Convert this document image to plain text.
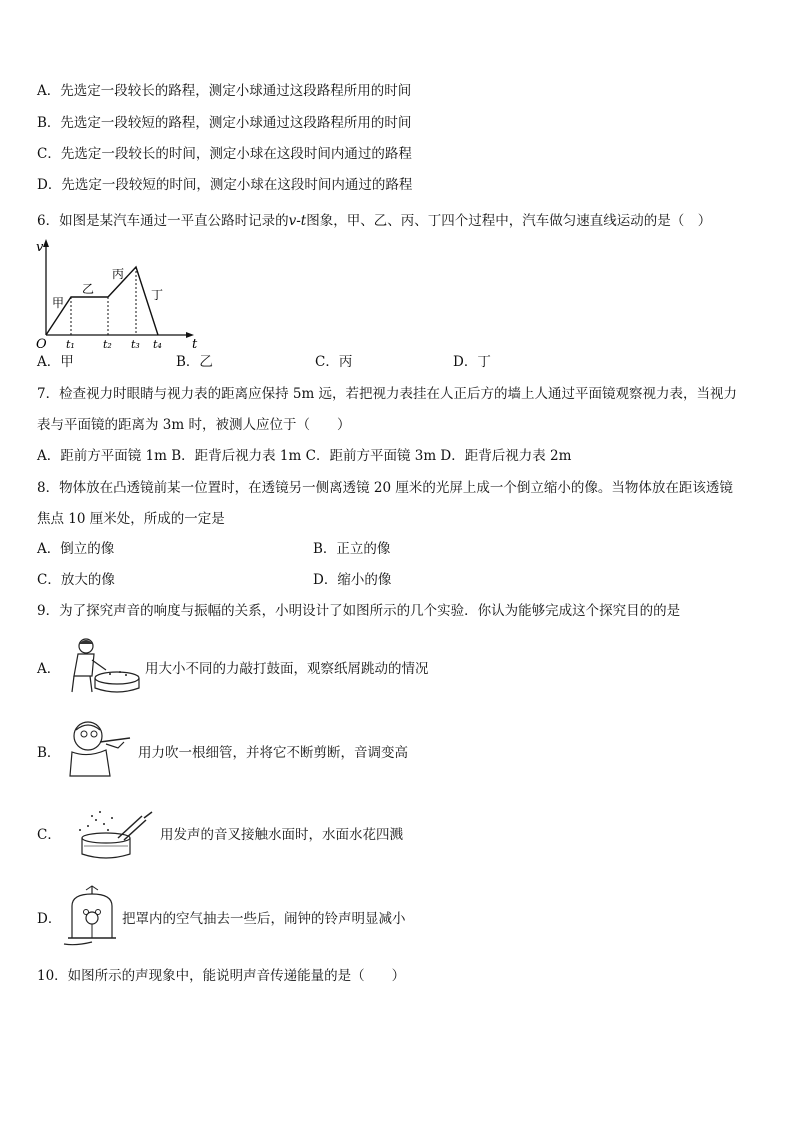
A．先选定一段较长的路程，测定小球通过这段路程所用的时间
B．先选定一段较短的路程，测定小球通过这段路程所用的时间
C．先选定一段较长的时间，测定小球在这段时间内通过的路程
D．先选定一段较短的时间，测定小球在这段时间内通过的路程
6．如图是某汽车通过一平直公路时记录的v-t图象，甲、乙、丙、丁四个过程中，汽车做匀速直线运动的是（　）
v
t
O
甲
乙
丙
丁
t₁	t₂ t₃ t₄
A．甲	B．乙	C．丙	D．丁
7．检查视力时眼睛与视力表的距离应保持 5m 远，若把视力表挂在人正后方的墙上人通过平面镜观察视力表，当视力
表与平面镜的距离为 3m 时，被测人应位于（　　）
A．距前方平面镜 1m B．距背后视力表 1m C．距前方平面镜 3m D．距背后视力表 2m
8．物体放在凸透镜前某一位置时，在透镜另一侧离透镜 20 厘米的光屏上成一个倒立缩小的像。当物体放在距该透镜
焦点 10 厘米处，所成的一定是
A．倒立的像	B．正立的像
C．放大的像	D．缩小的像
9．为了探究声音的响度与振幅的关系，小明设计了如图所示的几个实验．你认为能够完成这个探究目的的是
A．	用大小不同的力敲打鼓面，观察纸屑跳动的情况
B．	用力吹一根细管，并将它不断剪断，音调变高
C．	用发声的音叉接触水面时，水面水花四溅
D．	把罩内的空气抽去一些后，闹钟的铃声明显减小
10．如图所示的声现象中，能说明声音传递能量的是（　　）
